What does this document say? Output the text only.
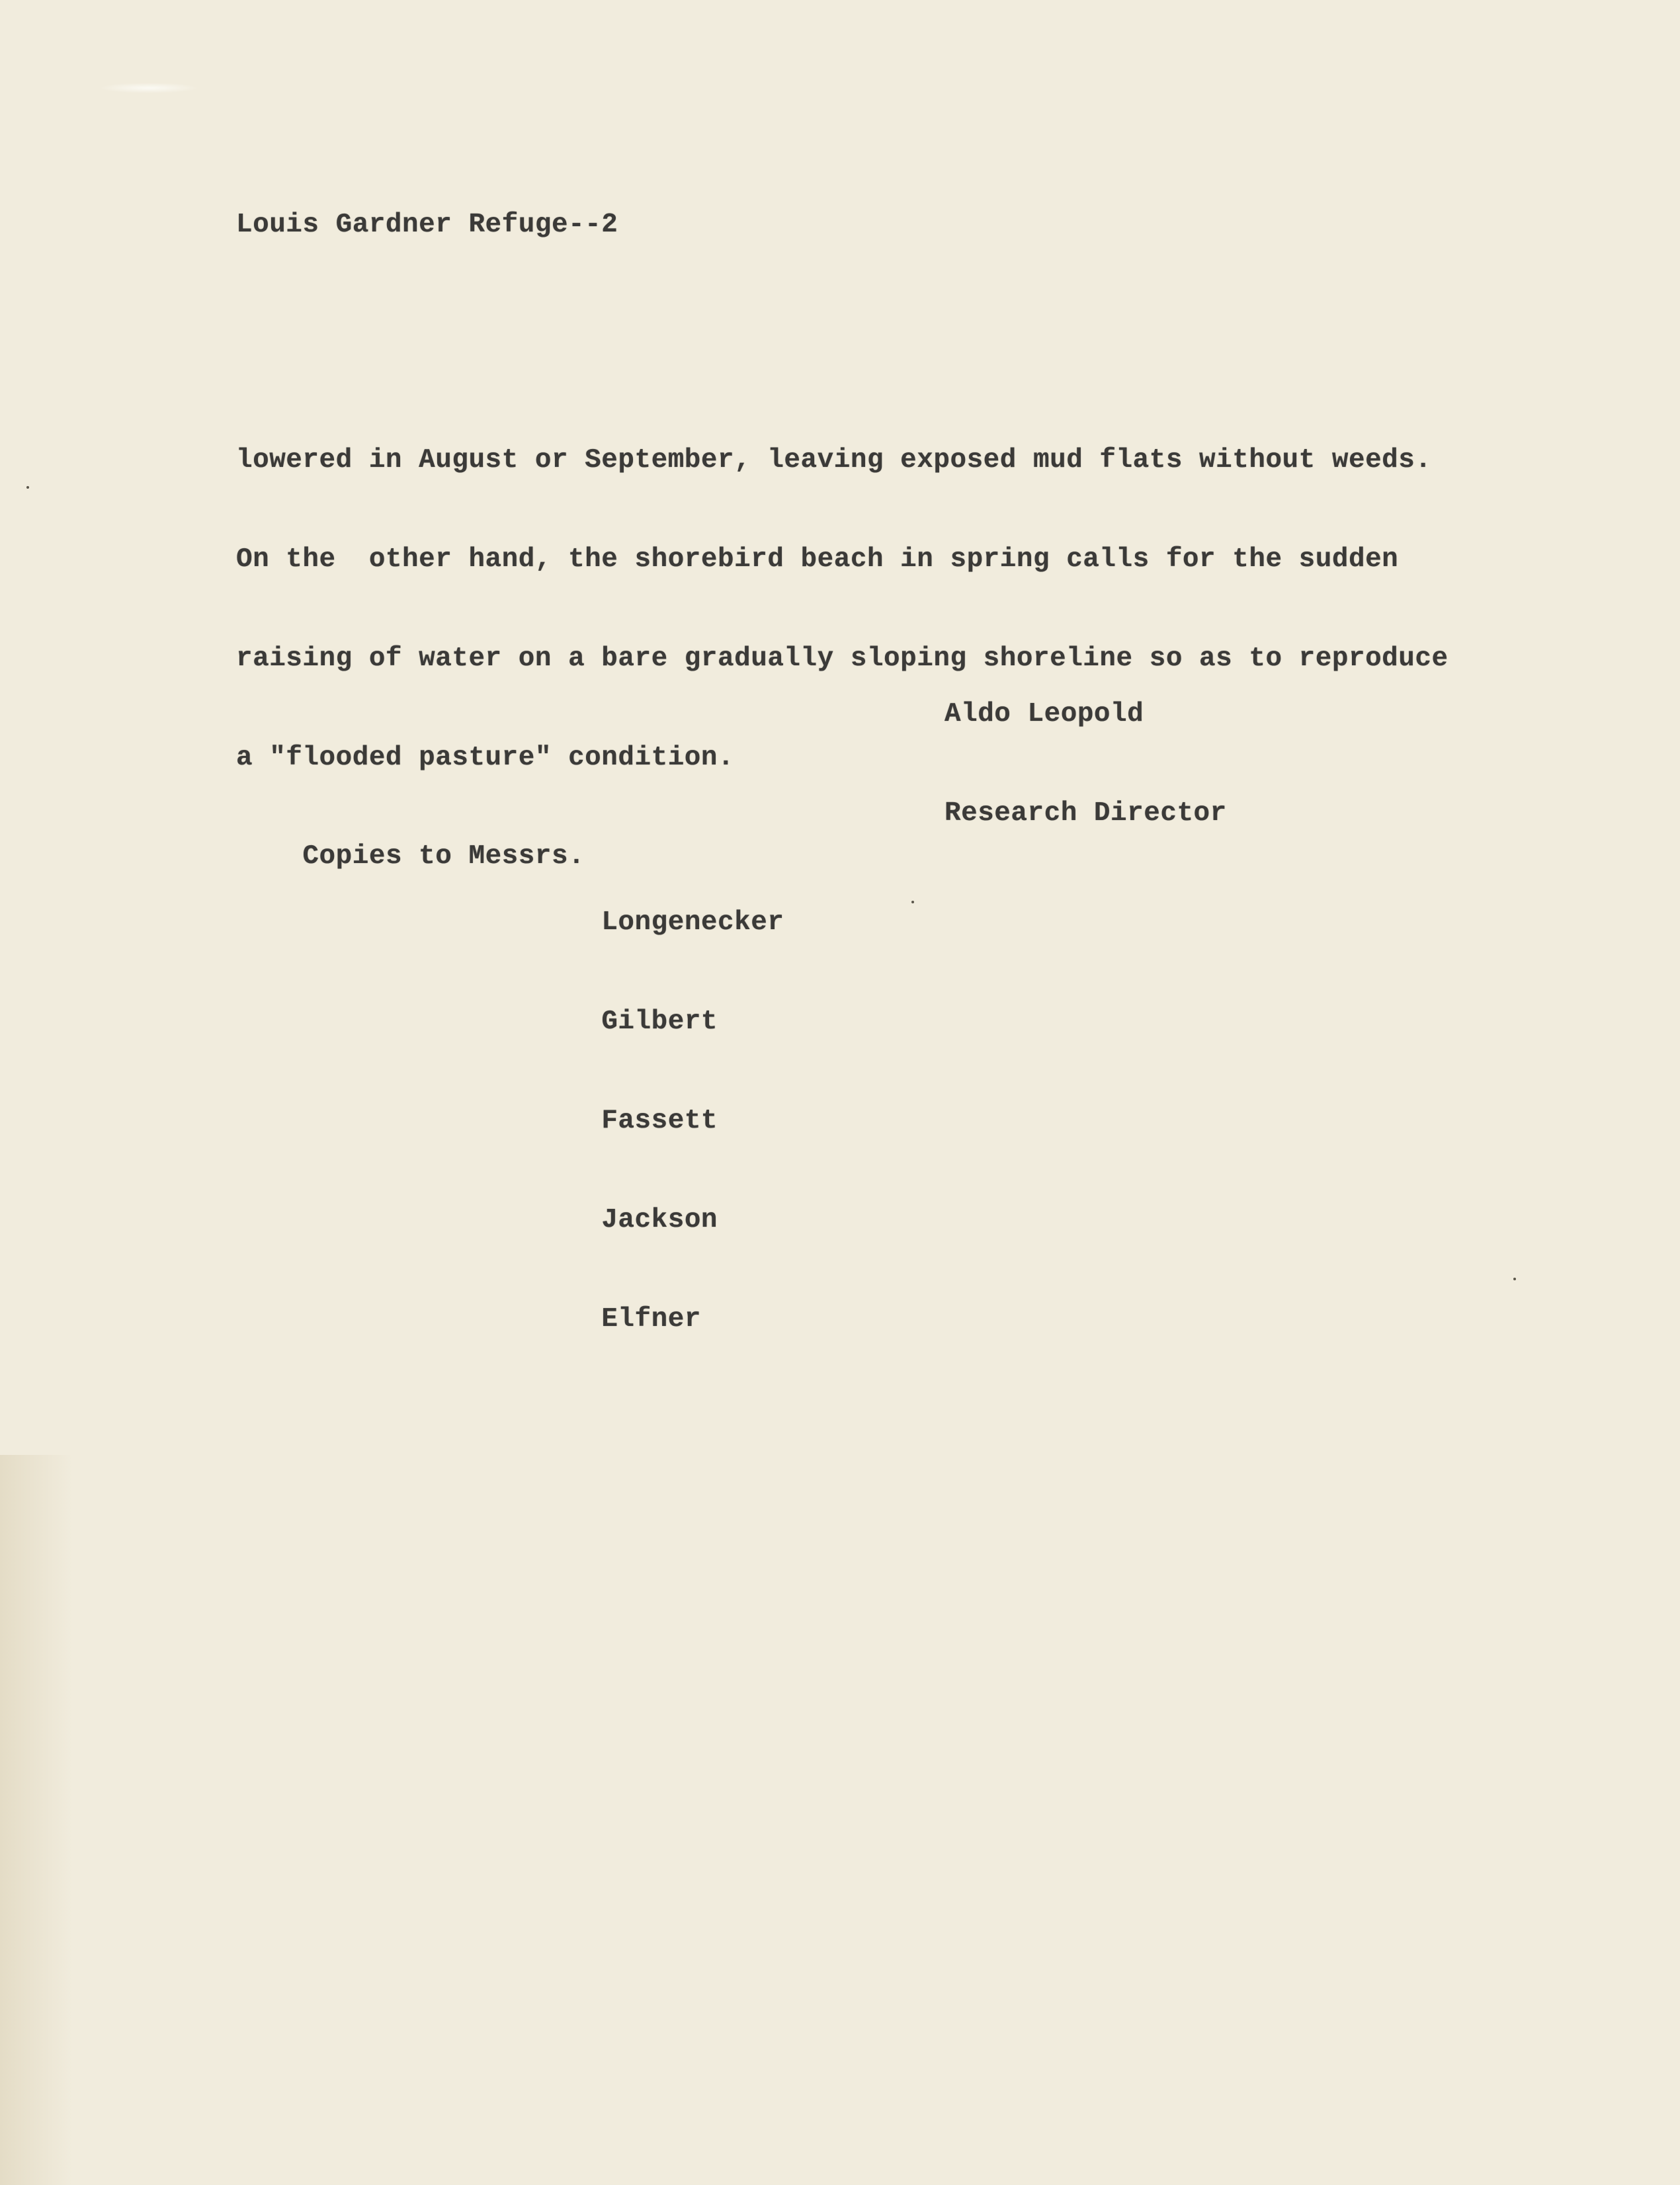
Louis Gardner Refuge--2

lowered in August or September, leaving exposed mud flats without weeds.

On the  other hand, the shorebird beach in spring calls for the sudden

raising of water on a bare gradually sloping shoreline so as to reproduce

a "flooded pasture" condition.

Aldo Leopold

Research Director

Copies to Messrs.

Longenecker

Gilbert

Fassett

Jackson

Elfner
